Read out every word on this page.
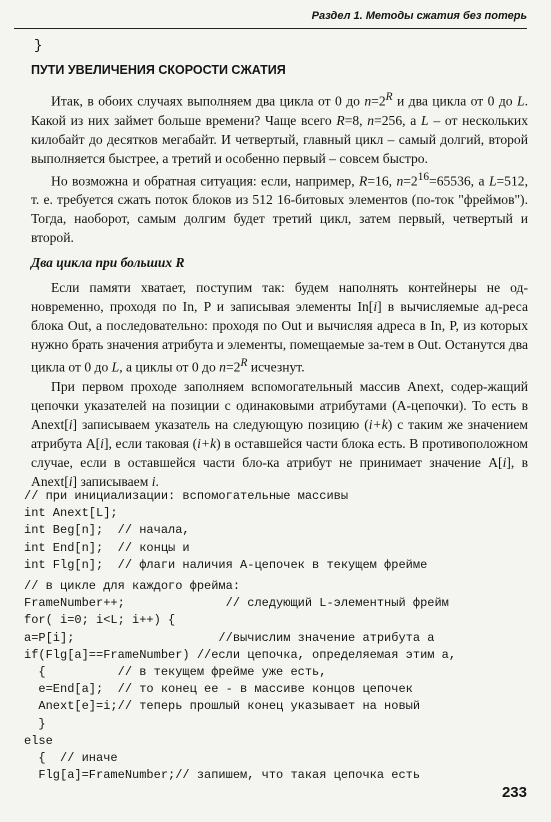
Раздел 1. Методы сжатия без потерь
}
ПУТИ УВЕЛИЧЕНИЯ СКОРОСТИ СЖАТИЯ

Итак, в обоих случаях выполняем два цикла от 0 до $n=2^R$ и два цикла от 0 до L. Какой из них займет больше времени? Чаще всего R=8, n=256, а L – от нескольких килобайт до десятков мегабайт. И четвертый, главный цикл – самый долгий, второй выполняется быстрее, а третий и особенно первый – совсем быстро.

Но возможна и обратная ситуация: если, например, R=16, $n=2^{16}=65536$, а L=512, т. е. требуется сжать поток блоков из 512 16-битовых элементов (по-ток "фреймов"). Тогда, наоборот, самым долгим будет третий цикл, затем первый, четвертый и второй.

Два цикла при больших R

Если памяти хватает, поступим так: будем наполнять контейнеры не од-новременно, проходя по In, P и записывая элементы In[i] в вычисляемые ад-реса блока Out, а последовательно: проходя по Out и вычисляя адреса в In, P, из которых нужно брать значения атрибута и элементы, помещаемые за-тем в Out. Останутся два цикла от 0 до L, а циклы от 0 до $n=2^R$ исчезнут.

При первом проходе заполняем вспомогательный массив Anext, содер-жащий цепочки указателей на позиции с одинаковыми атрибутами (A-цепочки). То есть в Anext[i] записываем указатель на следующую позицию (i+k) с таким же значением атрибута A[i], если таковая (i+k) в оставшейся части блока есть. В противоположном случае, если в оставшейся части бло-ка атрибут не принимает значение A[i], в Anext[i] записываем i.

// при инициализации: вспомогательные массивы
int Anext[L];
int Beg[n];  // начала,
int End[n];  // концы и
int Flg[n];  // флаги наличия A-цепочек в текущем фрейме
// в цикле для каждого фрейма:
FrameNumber++;              // следующий L-элементный фрейм
for( i=0; i<L; i++) {
a=P[i];                    //вычислим значение атрибута a
if(Flg[a]==FrameNumber) //если цепочка, определяемая этим a,
{          // в текущем фрейме уже есть,
e=End[a];  // то конец ее - в массиве концов цепочек
Anext[e]=i;// теперь прошлый конец указывает на новый
}
else
{  // иначе
Flg[a]=FrameNumber;// запишем, что такая цепочка есть
233
